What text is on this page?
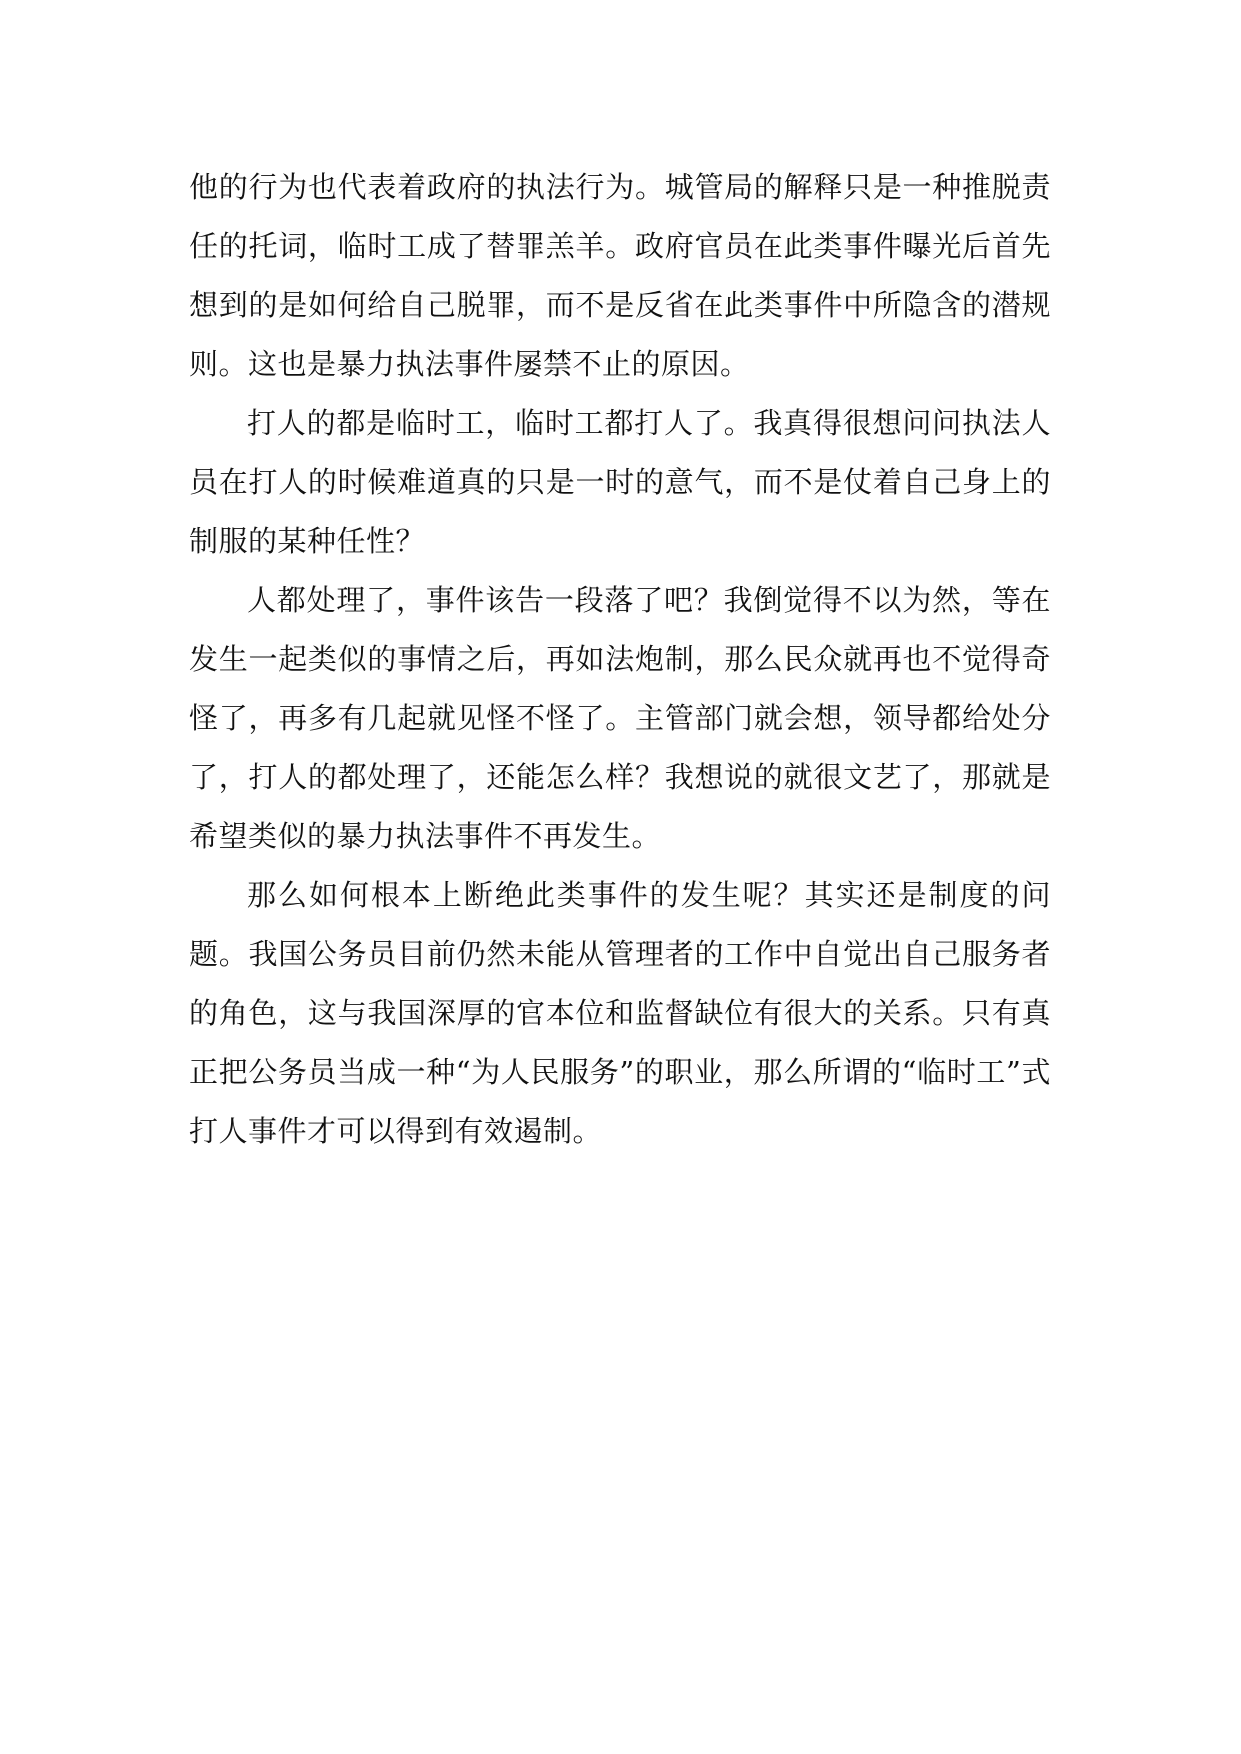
他的行为也代表着政府的执法行为。城管局的解释只是一种推脱责任的托词，临时工成了替罪羔羊。政府官员在此类事件曝光后首先想到的是如何给自己脱罪，而不是反省在此类事件中所隐含的潜规则。这也是暴力执法事件屡禁不止的原因。

打人的都是临时工，临时工都打人了。我真得很想问问执法人员在打人的时候难道真的只是一时的意气，而不是仗着自己身上的制服的某种任性？

人都处理了，事件该告一段落了吧？我倒觉得不以为然，等在发生一起类似的事情之后，再如法炮制，那么民众就再也不觉得奇怪了，再多有几起就见怪不怪了。主管部门就会想，领导都给处分了，打人的都处理了，还能怎么样？我想说的就很文艺了，那就是希望类似的暴力执法事件不再发生。

那么如何根本上断绝此类事件的发生呢？其实还是制度的问题。我国公务员目前仍然未能从管理者的工作中自觉出自己服务者的角色，这与我国深厚的官本位和监督缺位有很大的关系。只有真正把公务员当成一种“为人民服务”的职业，那么所谓的“临时工”式打人事件才可以得到有效遏制。
